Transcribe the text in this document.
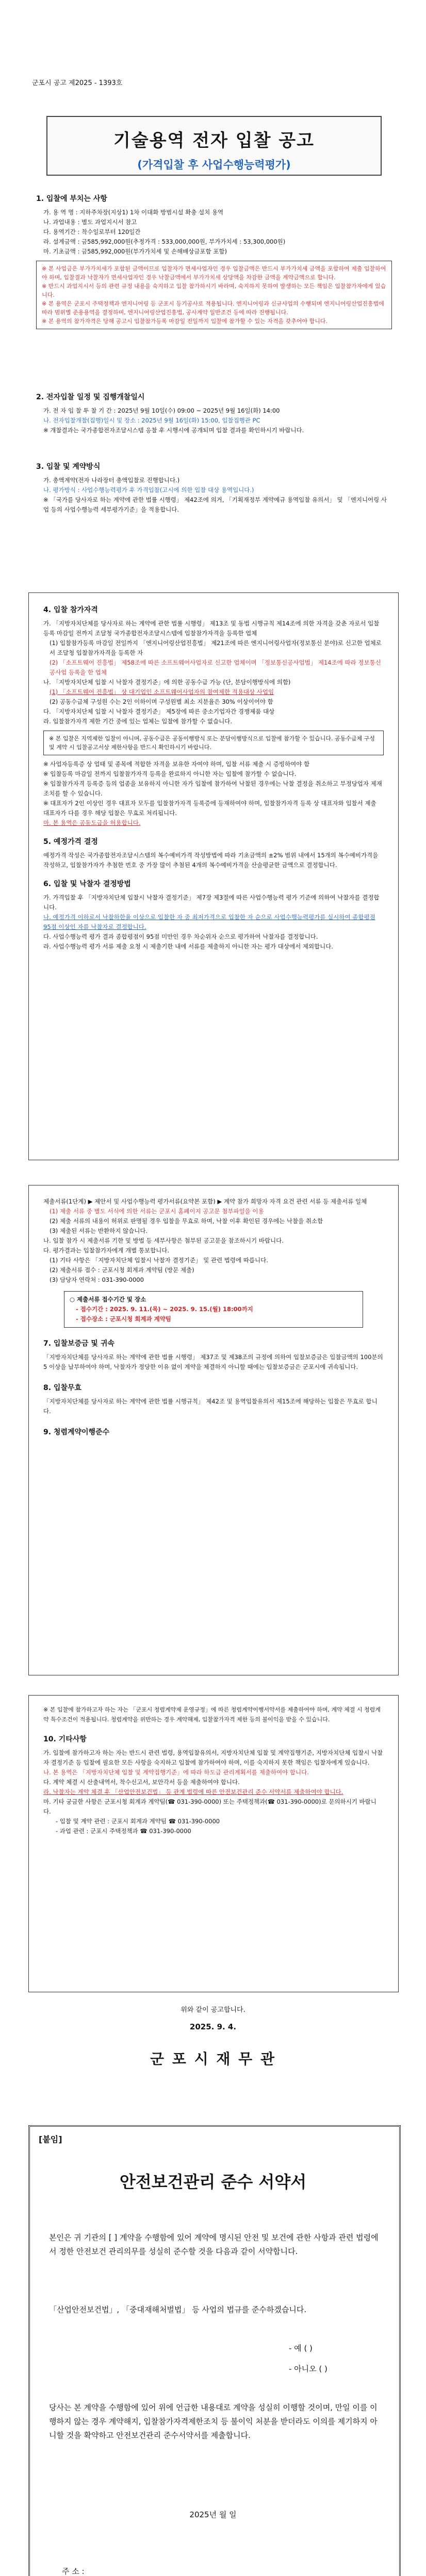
군포시 공고 제2025 - 1393호
기술용역 전자 입찰 공고
(가격입찰 후 사업수행능력평가)

1. 입찰에 부치는 사항

가. 용 역 명 : 지하주차장(지상1) 1차 이대화 방범시설 확충 설치 용역

나. 과업내용 : 별도 과업지시서 참고

다. 용역기간 : 착수일로부터 120일간

라. 설계금액 : 금585,992,000원(추정가격 : 533,000,000원, 부가가치세 : 53,300,000원)

마. 기초금액 : 금585,992,000원(부가가치세 및 손해배상금포함 포함)

※ 본 사업금은 부가가치세가 포함된 금액이므로 입찰자가 면세사업자인 경우 입찰금액은 반드시 부가가치세 금액을 포함하여 제출 입찰하여야 하며, 입찰결과 낙찰자가 면세사업자인 경우 낙찰금액에서 부가가치세 상당액을 차감한 금액을 계약금액으로 합니다.

※ 반드시 과업지시서 등의 관련 규정 내용을 숙지하고 입찰 참가하시기 바라며, 숙지하지 못하여 발생하는 모든 책임은 입찰참가자에게 있습니다.

※ 본 용역은 군포시 주택정책과 엔지니어링 등 군포시 등기공사로 적용됩니다. 엔지니어링과 신규사업의 수행되며 엔지니어링산업진흥법에 따라 범위별 준용용역을 결정하며, 엔지니어링산업진흥법, 공사계약 일반조건 등에 따라 진행됩니다.

※ 본 용역의 참가자격은 당해 공고시 입찰참가등록 마감일 전일까지 입찰에 참가할 수 있는 자격을 갖추어야 합니다.

2. 전자입찰 일정 및 집행개찰일시

가. 전 자 입 찰 투 찰 기 간 : 2025년 9월 10일(수) 09:00 ~ 2025년 9월 16일(화) 14:00

나. 전자입찰개찰(집행)일시 및 장소 : 2025년 9월 16일(화) 15:00, 입찰집행관 PC

※ 개찰결과는 국가종합전자조달시스템 응찰 후 시행시에 공개되며 입찰 결과를 확인하시기 바랍니다.

3. 입찰 및 계약방식

가. 총액계약(전자 나라장터 총액입찰로 진행합니다.)

나. 평가방식 : 사업수행능력평가 후 가격입찰(고시에 의한 입찰 대상 용역입니다.)

※ 「국가를 당사자로 하는 계약에 관한 법률 시행령」 제42조에 의거, 「기획재정부 계약예규 용역입찰 유의서」 및 「엔지니어링 사업 등의 사업수행능력 세부평가기준」을 적용합니다.

4. 입찰 참가자격

가. 「지방자치단체를 당사자로 하는 계약에 관한 법률 시행령」 제13조 및 동법 시행규칙 제14조에 의한 자격을 갖춘 자로서 입찰 등록 마감일 전까지 조달청 국가종합전자조달시스템에 입찰참가자격을 등록한 업체

(1) 입찰참가등록 마감일 전일까지 「엔지니어링산업진흥법」 제21조에 따른 엔지니어링사업자(정보통신 분야)로 신고한 업체로서 조달청 입찰참가자격을 등록한 자

(2) 「소프트웨어 진흥법」 제58조에 따른 소프트웨어사업자로 신고한 업체이며 「정보통신공사업법」 제14조에 따라 정보통신공사업 등록을 한 업체

나. 「지방자치단체 입찰 시 낙찰자 결정기준」에 의한 공동수급 가능 (단, 분담이행방식에 의함)

(1) 「소프트웨어 진흥법」 상 대기업인 소프트웨어사업자의 참여제한 적용대상 사업임

(2) 공동수급체 구성원 수는 2인 이하이며 구성원별 최소 지분율은 30% 이상이어야 함

다. 「지방자치단체 입찰 시 낙찰자 결정기준」 제5장에 따른 중소기업자간 경쟁제품 대상

라. 입찰참가자격 제한 기간 중에 있는 업체는 입찰에 참가할 수 없습니다.

※ 본 입찰은 지역제한 입찰이 아니며, 공동수급은 공동이행방식 또는 분담이행방식으로 입찰에 참가할 수 있습니다. 공동수급체 구성 및 계약 시 입찰공고서상 제한사항을 반드시 확인하시기 바랍니다.

※ 사업자등록증 상 업태 및 종목에 적합한 자격을 보유한 자여야 하며, 입찰 서류 제출 시 증빙하여야 함

※ 입찰등록 마감일 전까지 입찰참가자격 등록을 완료하지 아니한 자는 입찰에 참가할 수 없습니다.

※ 입찰참가자격 등록증 등의 업종을 보유하지 아니한 자가 입찰에 참가하여 낙찰된 경우에는 낙찰 결정을 취소하고 부정당업자 제재 조치를 할 수 있습니다.

※ 대표자가 2인 이상인 경우 대표자 모두를 입찰참가자격 등록증에 등재하여야 하며, 입찰참가자격 등록 상 대표자와 입찰서 제출 대표자가 다를 경우 해당 입찰은 무효로 처리됩니다.

마. 본 용역은 공동도급을 허용합니다.

5. 예정가격 결정

예정가격 작성은 국가종합전자조달시스템의 복수예비가격 작성방법에 따라 기초금액의 ±2% 범위 내에서 15개의 복수예비가격을 작성하고, 입찰참가자가 추첨한 번호 중 가장 많이 추첨된 4개의 복수예비가격을 산술평균한 금액으로 결정합니다.

6. 입찰 및 낙찰자 결정방법

가. 가격입찰 후 「지방자치단체 입찰시 낙찰자 결정기준」 제7장 제3절에 따른 사업수행능력 평가 기준에 의하여 낙찰자를 결정합니다.

나. 예정가격 이하로서 낙찰하한율 이상으로 입찰한 자 중 최저가격으로 입찰한 자 순으로 사업수행능력평가를 실시하여 종합평점 95점 이상인 자를 낙찰자로 결정합니다.

다. 사업수행능력 평가 결과 종합평점이 95점 미만인 경우 차순위자 순으로 평가하여 낙찰자를 결정합니다.

라. 사업수행능력 평가 서류 제출 요청 시 제출기한 내에 서류를 제출하지 아니한 자는 평가 대상에서 제외합니다.

제출서류(1단계) ▶ 제안서 및 사업수행능력 평가서류(요약본 포함) ▶ 계약 참가 희망자 자격 요건 관련 서류 등 제출서류 일체

(1) 제출 서류 중 별도 서식에 의한 서류는 군포시 홈페이지 공고문 첨부파일을 이용

(2) 제출 서류의 내용이 허위로 판명될 경우 입찰을 무효로 하며, 낙찰 이후 확인된 경우에는 낙찰을 취소함

(3) 제출된 서류는 반환하지 않습니다.

나. 입찰 참가 시 제출서류 기한 및 방법 등 세부사항은 첨부된 공고문을 참조하시기 바랍니다.

다. 평가결과는 입찰참가자에게 개별 통보합니다.

(1) 기타 사항은 「지방자치단체 입찰시 낙찰자 결정기준」 및 관련 법령에 따릅니다.

(2) 제출서류 접수 : 군포시청 회계과 계약팀 (방문 제출)

(3) 담당자 연락처 : 031-390-0000

○ 제출서류 접수기간 및 장소

- 접수기간 : 2025. 9. 11.(목) ~ 2025. 9. 15.(월) 18:00까지

- 접수장소 : 군포시청 회계과 계약팀

7. 입찰보증금 및 귀속

「지방자치단체를 당사자로 하는 계약에 관한 법률 시행령」 제37조 및 제38조의 규정에 의하여 입찰보증금은 입찰금액의 100분의 5 이상을 납부하여야 하며, 낙찰자가 정당한 이유 없이 계약을 체결하지 아니할 때에는 입찰보증금은 군포시에 귀속됩니다.

8. 입찰무효

「지방자치단체를 당사자로 하는 계약에 관한 법률 시행규칙」 제42조 및 용역입찰유의서 제15조에 해당하는 입찰은 무효로 합니다.

9. 청렴계약이행준수

※ 본 입찰에 참가하고자 하는 자는 「군포시 청렴계약제 운영규정」에 따른 청렴계약이행서약서를 제출하여야 하며, 계약 체결 시 청렴계약 특수조건이 적용됩니다. 청렴계약을 위반하는 경우 계약해제, 입찰참가자격 제한 등의 불이익을 받을 수 있습니다.

10. 기타사항

가. 입찰에 참가하고자 하는 자는 반드시 관련 법령, 용역입찰유의서, 지방자치단체 입찰 및 계약집행기준, 지방자치단체 입찰시 낙찰자 결정기준 등 입찰에 필요한 모든 사항을 숙지하고 입찰에 참가하여야 하며, 이를 숙지하지 못한 책임은 입찰자에게 있습니다.

나. 본 용역은 「지방자치단체 입찰 및 계약집행기준」에 따라 하도급 관리계획서를 제출하여야 합니다.

다. 계약 체결 시 산출내역서, 착수신고서, 보안각서 등을 제출하여야 합니다.

라. 낙찰자는 계약 체결 후 「산업안전보건법」 등 관계 법령에 따른 안전보건관리 준수 서약서를 제출하여야 합니다.

마. 기타 궁금한 사항은 군포시청 회계과 계약팀(☎ 031-390-0000) 또는 주택정책과(☎ 031-390-0000)로 문의하시기 바랍니다.

- 입찰 및 계약 관련 : 군포시 회계과 계약팀 ☎ 031-390-0000

- 과업 관련 : 군포시 주택정책과 ☎ 031-390-0000

위와 같이 공고합니다.
2025. 9. 4.
군 포 시 재 무 관
[붙임]
안전보건관리 준수 서약서
본인은 귀 기관의 [ ] 계약을 수행함에 있어 계약에 명시된 안전 및 보건에 관한 사항과 관련 법령에서 정한 안전보건 관리의무를 성실히 준수할 것을 다음과 같이 서약합니다.
「산업안전보건법」, 「중대재해처벌법」 등 사업의 법규를 준수하겠습니다.
- 예 ( )
- 아니오 ( )
당사는 본 계약을 수행함에 있어 위에 언급한 내용대로 계약을 성실히 이행할 것이며, 만일 이를 이행하지 않는 경우 계약해지, 입찰참가자격제한조치 등 불이익 처분을 받더라도 이의를 제기하지 아니할 것을 확약하고 안전보건관리 준수서약서를 제출합니다.
2025년 월 일
주 소 :
